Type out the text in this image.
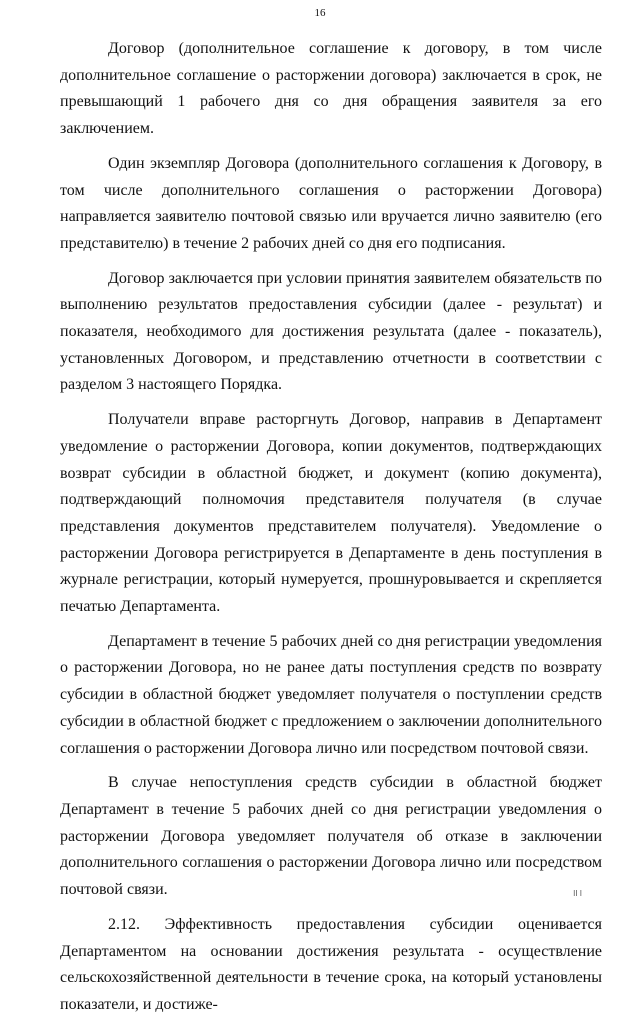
16

Договор (дополнительное соглашение к договору, в том числе дополнительное соглашение о расторжении договора) заключается в срок, не превышающий 1 рабочего дня со дня обращения заявителя за его заключением.

Один экземпляр Договора (дополнительного соглашения к Договору, в том числе дополнительного соглашения о расторжении Договора) направляется заявителю почтовой связью или вручается лично заявителю (его представителю) в течение 2 рабочих дней со дня его подписания.

Договор заключается при условии принятия заявителем обязательств по выполнению результатов предоставления субсидии (далее - результат) и показателя, необходимого для достижения результата (далее - показатель), установленных Договором, и представлению отчетности в соответствии с разделом 3 настоящего Порядка.

Получатели вправе расторгнуть Договор, направив в Департамент уведомление о расторжении Договора, копии документов, подтверждающих возврат субсидии в областной бюджет, и документ (копию документа), подтверждающий полномочия представителя получателя (в случае представления документов представителем получателя). Уведомление о расторжении Договора регистрируется в Департаменте в день поступления в журнале регистрации, который нумеруется, прошнуровывается и скрепляется печатью Департамента.

Департамент в течение 5 рабочих дней со дня регистрации уведомления о расторжении Договора, но не ранее даты поступления средств по возврату субсидии в областной бюджет уведомляет получателя о поступлении средств субсидии в областной бюджет с предложением о заключении дополнительного соглашения о расторжении Договора лично или посредством почтовой связи.

В случае непоступления средств субсидии в областной бюджет Департамент в течение 5 рабочих дней со дня регистрации уведомления о расторжении Договора уведомляет получателя об отказе в заключении дополнительного соглашения о расторжении Договора лично или посредством почтовой связи.

2.12. Эффективность предоставления субсидии оценивается Департаментом на основании достижения результата - осуществление сельскохозяйственной деятельности в течение срока, на который установлены показатели, и достиже-

II I
